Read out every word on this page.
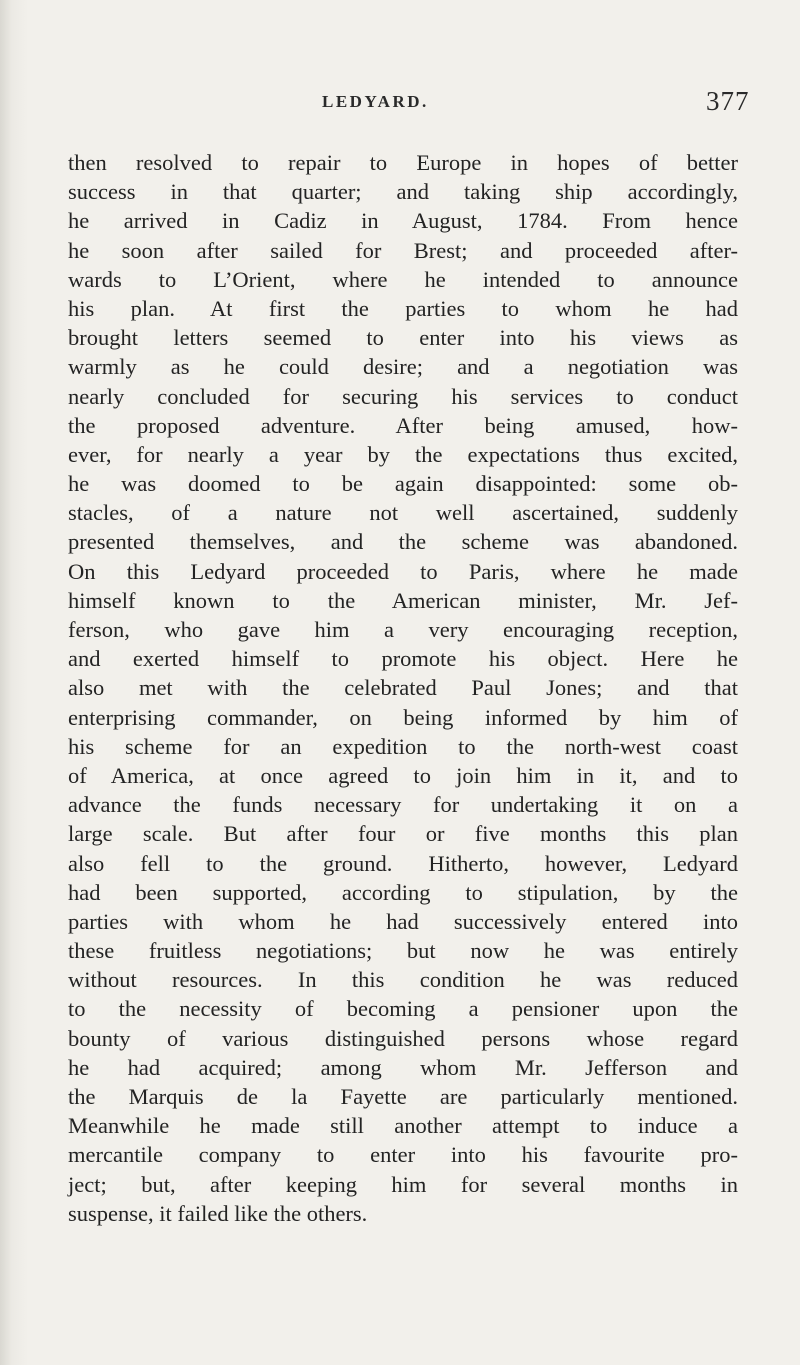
LEDYARD.	377
then resolved to repair to Europe in hopes of better
success in that quarter; and taking ship accordingly,
he arrived in Cadiz in August, 1784. From hence
he soon after sailed for Brest; and proceeded after-
wards to L’Orient, where he intended to announce
his plan. At first the parties to whom he had
brought letters seemed to enter into his views as
warmly as he could desire; and a negotiation was
nearly concluded for securing his services to conduct
the proposed adventure. After being amused, how-
ever, for nearly a year by the expectations thus excited,
he was doomed to be again disappointed: some ob-
stacles, of a nature not well ascertained, suddenly
presented themselves, and the scheme was abandoned.
On this Ledyard proceeded to Paris, where he made
himself known to the American minister, Mr. Jef-
ferson, who gave him a very encouraging reception,
and exerted himself to promote his object. Here he
also met with the celebrated Paul Jones; and that
enterprising commander, on being informed by him of
his scheme for an expedition to the north-west coast
of America, at once agreed to join him in it, and to
advance the funds necessary for undertaking it on a
large scale. But after four or five months this plan
also fell to the ground. Hitherto, however, Ledyard
had been supported, according to stipulation, by the
parties with whom he had successively entered into
these fruitless negotiations; but now he was entirely
without resources. In this condition he was reduced
to the necessity of becoming a pensioner upon the
bounty of various distinguished persons whose regard
he had acquired; among whom Mr. Jefferson and
the Marquis de la Fayette are particularly mentioned.
Meanwhile he made still another attempt to induce a
mercantile company to enter into his favourite pro-
ject; but, after keeping him for several months in
suspense, it failed like the others.
